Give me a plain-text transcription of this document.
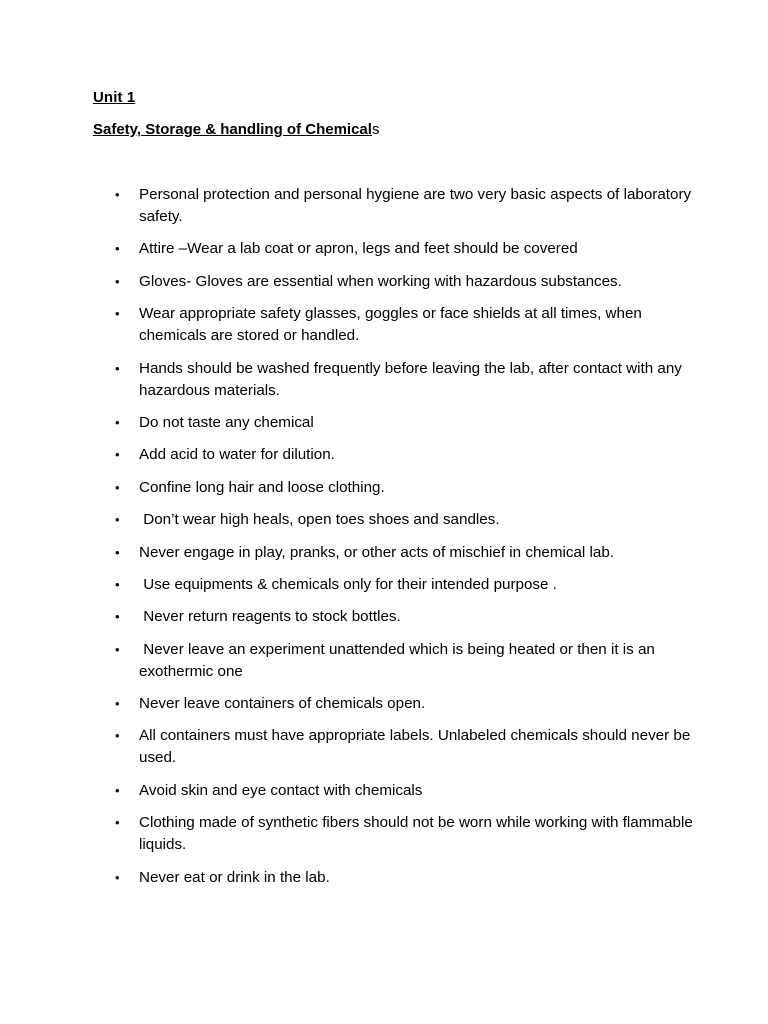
Unit 1
Safety, Storage & handling of Chemicals
• Personal protection and personal hygiene are two very basic aspects of laboratory safety.
• Attire –Wear a lab coat or apron, legs and feet should be covered
• Gloves- Gloves are essential when working with hazardous substances.
• Wear appropriate safety glasses, goggles or face shields at all times, when chemicals are stored or handled.
• Hands should be washed frequently before leaving the lab, after contact with any hazardous materials.
• Do not taste any chemical
• Add acid to water for dilution.
• Confine long hair and loose clothing.
• Don’t wear high heals, open toes shoes and sandles.
• Never engage in play, pranks, or other acts of mischief in chemical lab.
• Use equipments & chemicals only for their intended purpose .
• Never return reagents to stock bottles.
• Never leave an experiment unattended which is being heated or then it is an exothermic one
• Never leave containers of chemicals open.
• All containers must have appropriate labels. Unlabeled chemicals should never be used.
• Avoid skin and eye contact with chemicals
• Clothing made of synthetic fibers should not be worn while working with flammable liquids.
• Never eat or drink in the lab.
